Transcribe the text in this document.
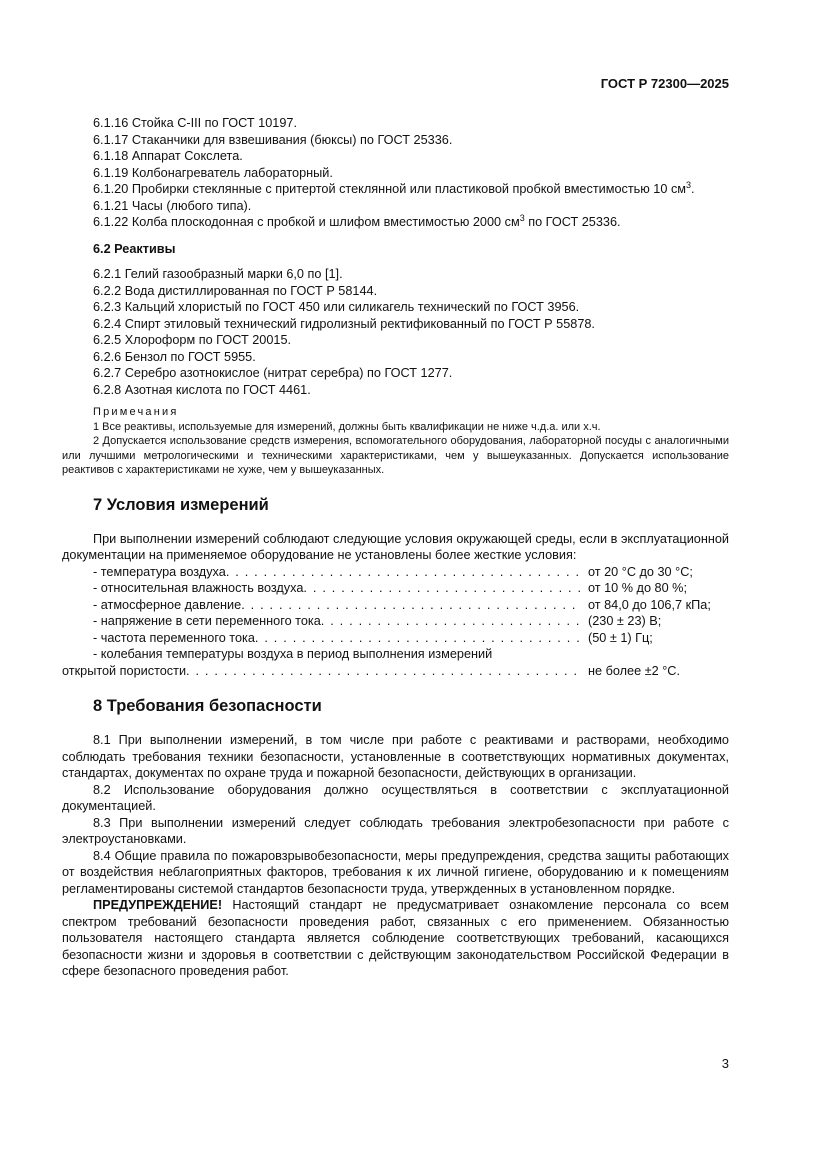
ГОСТ Р 72300—2025

6.1.16 Стойка С-III по ГОСТ 10197.

6.1.17 Стаканчики для взвешивания (бюксы) по ГОСТ 25336.

6.1.18 Аппарат Сокслета.

6.1.19 Колбонагреватель лабораторный.

6.1.20 Пробирки стеклянные с притертой стеклянной или пластиковой пробкой вместимостью 10 $см^3$.

6.1.21 Часы (любого типа).

6.1.22 Колба плоскодонная с пробкой и шлифом вместимостью 2000 $см^3$ по ГОСТ 25336.

6.2 Реактивы

6.2.1 Гелий газообразный марки 6,0 по [1].

6.2.2 Вода дистиллированная по ГОСТ Р 58144.

6.2.3 Кальций хлористый по ГОСТ 450 или силикагель технический по ГОСТ 3956.

6.2.4 Спирт этиловый технический гидролизный ректификованный по ГОСТ Р 55878.

6.2.5 Хлороформ по ГОСТ 20015.

6.2.6 Бензол по ГОСТ 5955.

6.2.7 Серебро азотнокислое (нитрат серебра) по ГОСТ 1277.

6.2.8 Азотная кислота по ГОСТ 4461.

Примечания

1 Все реактивы, используемые для измерений, должны быть квалификации не ниже ч.д.а. или х.ч.

2 Допускается использование средств измерения, вспомогательного оборудования, лабораторной посуды с аналогичными или лучшими метрологическими и техническими характеристиками, чем у вышеуказанных. Допускается использование реактивов с характеристиками не хуже, чем у вышеуказанных.

7 Условия измерений

При выполнении измерений соблюдают следующие условия окружающей среды, если в эксплуатационной документации на применяемое оборудование не установлены более жесткие условия:

- температура воздуха . . .	от 20 °С до 30 °С;
- относительная влажность воздуха . . .	от 10 % до 80 %;
- атмосферное давление . . .	от 84,0 до 106,7 кПа;
- напряжение в сети переменного тока . . .	(230 ± 23) В;
- частота переменного тока . . .	(50 ± 1) Гц;

- колебания температуры воздуха в период выполнения измерений

открытой пористости . . .	не более ±2 °С.
8 Требования безопасности

8.1 При выполнении измерений, в том числе при работе с реактивами и растворами, необходимо соблюдать требования техники безопасности, установленные в соответствующих нормативных документах, стандартах, документах по охране труда и пожарной безопасности, действующих в организации.

8.2 Использование оборудования должно осуществляться в соответствии с эксплуатационной документацией.

8.3 При выполнении измерений следует соблюдать требования электробезопасности при работе с электроустановками.

8.4 Общие правила по пожаровзрывобезопасности, меры предупреждения, средства защиты работающих от воздействия неблагоприятных факторов, требования к их личной гигиене, оборудованию и к помещениям регламентированы системой стандартов безопасности труда, утвержденных в установленном порядке.

ПРЕДУПРЕЖДЕНИЕ! Настоящий стандарт не предусматривает ознакомление персонала со всем спектром требований безопасности проведения работ, связанных с его применением. Обязанностью пользователя настоящего стандарта является соблюдение соответствующих требований, касающихся безопасности жизни и здоровья в соответствии с действующим законодательством Российской Федерации в сфере безопасного проведения работ.

3
